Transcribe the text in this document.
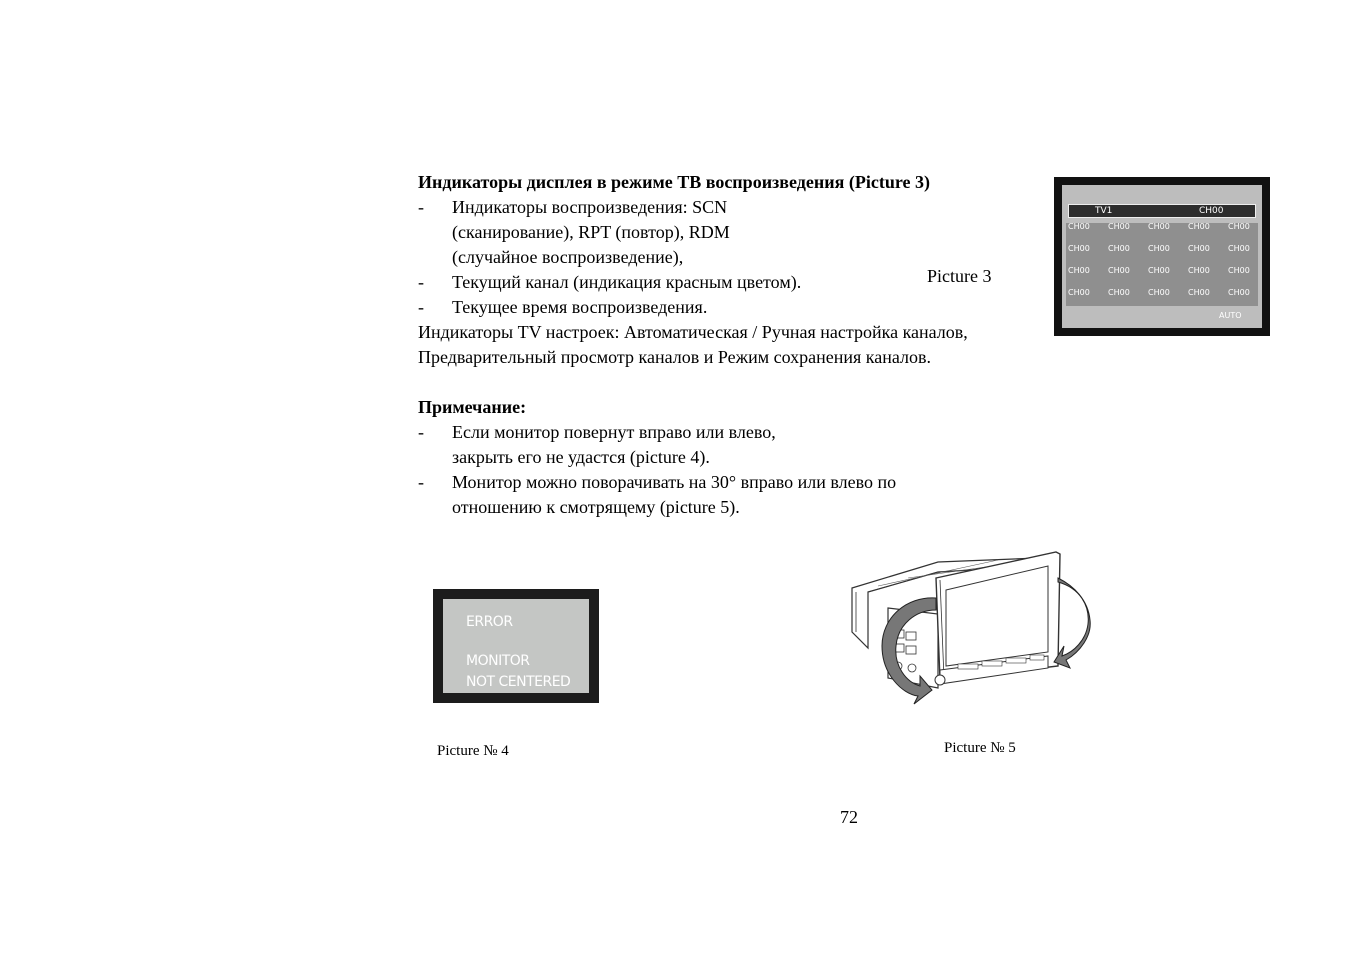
Индикаторы дисплея в режиме ТВ воспроизведения (Picture 3)
- Индикаторы воспроизведения: SCN
(сканирование), RPT (повтор), RDM
(случайное воспроизведение),
- Текущий канал (индикация красным цветом).
- Текущее время воспроизведения.
Индикаторы TV настроек: Автоматическая / Ручная настройка каналов,
Предварительный просмотр каналов и Режим сохранения каналов.
Picture 3
TV1	CH00
CH00 CH00 CH00 CH00 CH00
CH00 CH00 CH00 CH00 CH00
CH00 CH00 CH00 CH00 CH00
CH00 CH00 CH00 CH00 CH00
AUTO
Примечание:
- Если монитор повернут вправо или влево,
закрыть его не удастся (picture 4).
- Монитор можно поворачивать на 30° вправо или влево по
отношению к смотрящему (picture 5).
ERROR
MONITOR
NOT CENTERED
Picture № 4	Picture № 5
72
